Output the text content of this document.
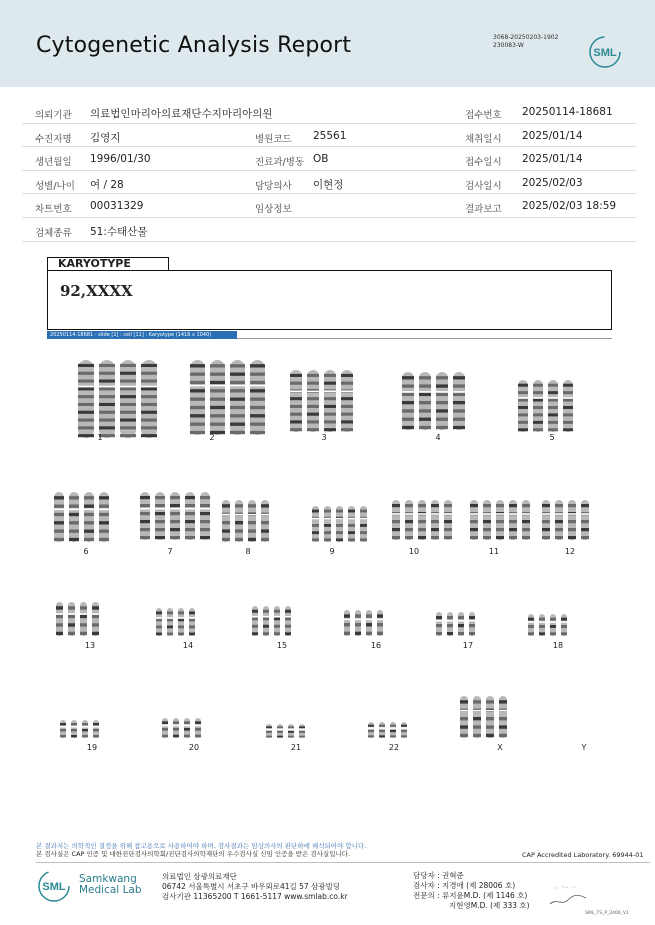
Cytogenetic Analysis Report	3068-20250203-1902
230083-W
SML
의뢰기관 의료법인마리아의료재단수지마리아의원	접수번호 20250114-18681
수진자명 김영지	병원코드 25561	채취일시 2025/01/14
생년월일 1996/01/30	진료과/병동 OB	접수일시 2025/01/14
성별/나이 여 / 28	담당의사 이현정	검사일시 2025/02/03
차트번호 00031329	임상정보	결과보고 2025/02/03 18:59
검체종류 51:수태산물
KARYOTYPE
92,XXXX
20250114-18681 - slide [1] : cell [11] : Karyotype (1416 x 1040)
1	2	3	4	5
6	7	8	9	10	11	12
13	14	15	16	17	18
19	20	21	22	X	Y
본 결과지는 의학적인 결정을 위해 참고용으로 사용하여야 하며, 검사결과는 임상의사의 판단하에 해석되어야 합니다.
본 검사실은 CAP 인증 및 대한진단검사의학회/진단검사의학재단의 우수검사실 신임 인증을 받은 검사실입니다.	CAP Accredited Laboratory. 69944-01
SML
Samkwang
Medical Lab
의료법인 삼광의료재단
06742 서울특별시 서초구 바우뫼로41길 57 삼광빌딩
검사기관 11365200 T 1661-5117 www.smlab.co.kr
담당자 : 권혁준
검사자 : 지경애 (제 28006 호)
전문의 : 류지윤M.D. (제 1146 호)
지현영M.D. (제 333 호)
SML_TS_P_2406_V1
